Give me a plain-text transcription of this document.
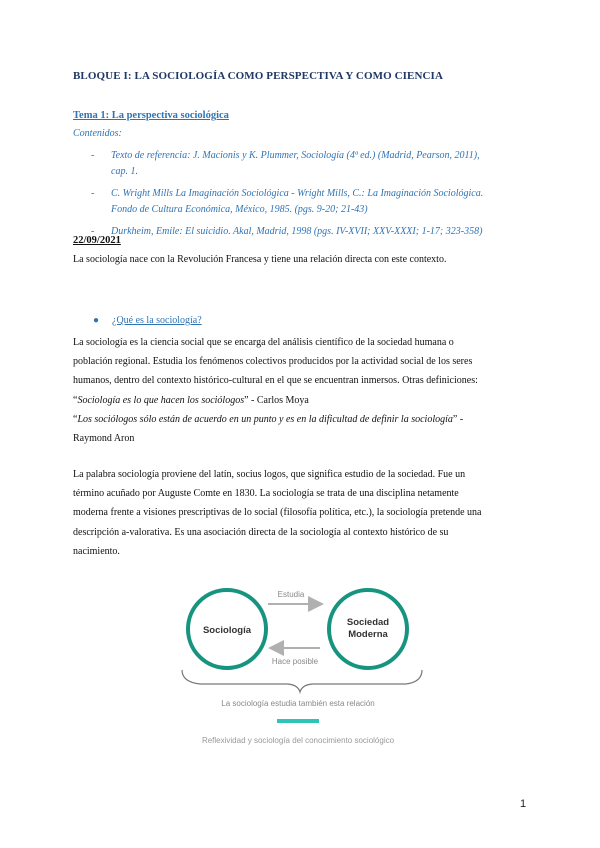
BLOQUE I: LA SOCIOLOGÍA COMO PERSPECTIVA Y COMO CIENCIA
Tema 1: La perspectiva sociológica
Contenidos:
-	Texto de referencia: J. Macionis y K. Plummer, Sociología (4ª ed.) (Madrid, Pearson, 2011),
cap. 1.
-	C. Wright Mills La Imaginación Sociológica - Wright Mills, C.: La Imaginación Sociológica.
Fondo de Cultura Económica, México, 1985. (pgs. 9-20; 21-43)
-	Durkheim, Emile: El suicidio. Akal, Madrid, 1998 (pgs. IV-XVII; XXV-XXXI; 1-17; 323-358)
22/09/2021
La sociología nace con la Revolución Francesa y tiene una relación directa con este contexto.
● ¿Qué es la sociología?
La sociología es la ciencia social que se encarga del análisis científico de la sociedad humana o
población regional. Estudia los fenómenos colectivos producidos por la actividad social de los seres
humanos, dentro del contexto histórico-cultural en el que se encuentran inmersos. Otras definiciones:
“Sociología es lo que hacen los sociólogos” - Carlos Moya
“Los sociólogos sólo están de acuerdo en un punto y es en la dificultad de definir la sociología” -
Raymond Aron
La palabra sociología proviene del latín, socius logos, que significa estudio de la sociedad. Fue un
término acuñado por Auguste Comte en 1830. La sociología se trata de una disciplina netamente
moderna frente a visiones prescriptivas de lo social (filosofía política, etc.), la sociología pretende una
descripción a-valorativa. Es una asociación directa de la sociología al contexto histórico de su
nacimiento.
Sociología
Sociedad
Moderna
Estudia
Hace posible
La sociología estudia también esta relación
Reflexividad y sociología del conocimiento sociológico
1
